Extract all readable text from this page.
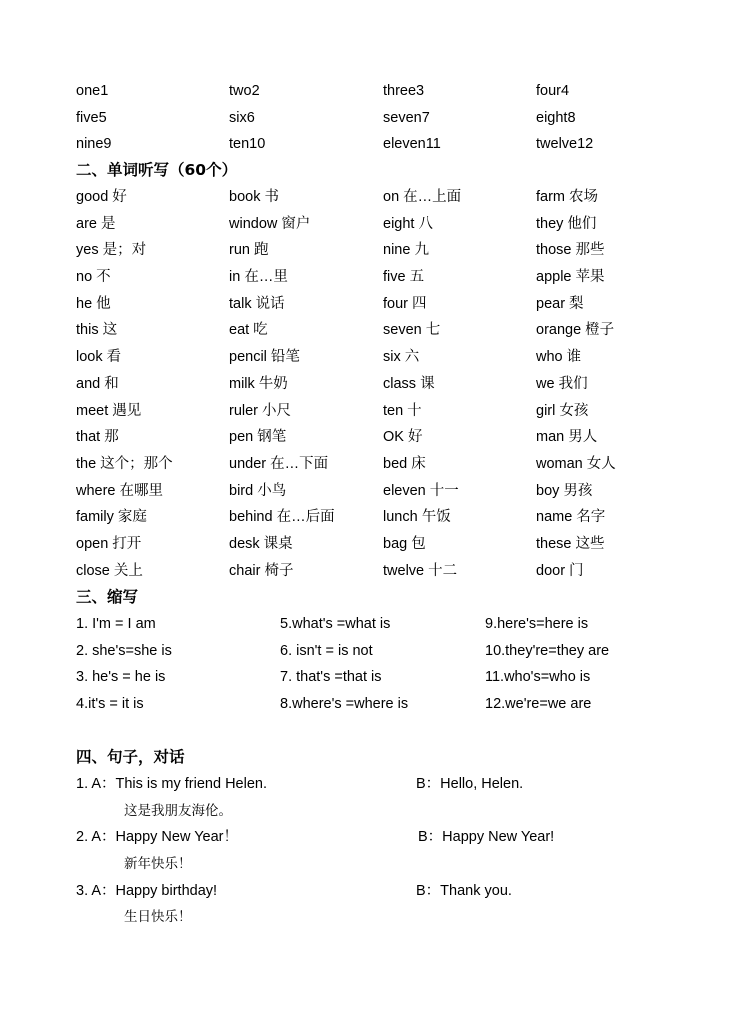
one1	two2	three3	four4
five5	six6	seven7	eight8
nine9	ten10	eleven11	twelve12
二、单词听写（60个）
good 好	book 书	on 在…上面	farm 农场
are 是	window 窗户	eight 八	they 他们
yes 是；对	run 跑	nine 九	those 那些
no 不	in 在…里	five 五	apple 苹果
he 他	talk 说话	four 四	pear 梨
this 这	eat 吃	seven 七	orange 橙子
look 看	pencil 铅笔	six 六	who 谁
and 和	milk 牛奶	class 课	we 我们
meet 遇见	ruler 小尺	ten 十	girl 女孩
that 那	pen 钢笔	OK 好	man 男人
the 这个；那个	under 在…下面	bed 床	woman 女人
where 在哪里	bird 小鸟	eleven 十一	boy 男孩
family 家庭	behind 在…后面	lunch 午饭	name 名字
open 打开	desk 课桌	bag 包	these 这些
close 关上	chair 椅子	twelve 十二	door 门
三、缩写
1. I'm = I am	5.what's =what is	9.here's=here is
2. she's=she is	6. isn't = is not	10.they're=they are
3. he's = he is	7. that's =that is	11.who's=who is
4.it's = it is	8.where's =where is	12.we're=we are
四、句子，对话
1. A：This is my friend Helen.	B：Hello, Helen.
这是我朋友海伦。
2. A：Happy New Year！	B：Happy New Year!
新年快乐！
3. A：Happy birthday!	B：Thank you.
生日快乐！
